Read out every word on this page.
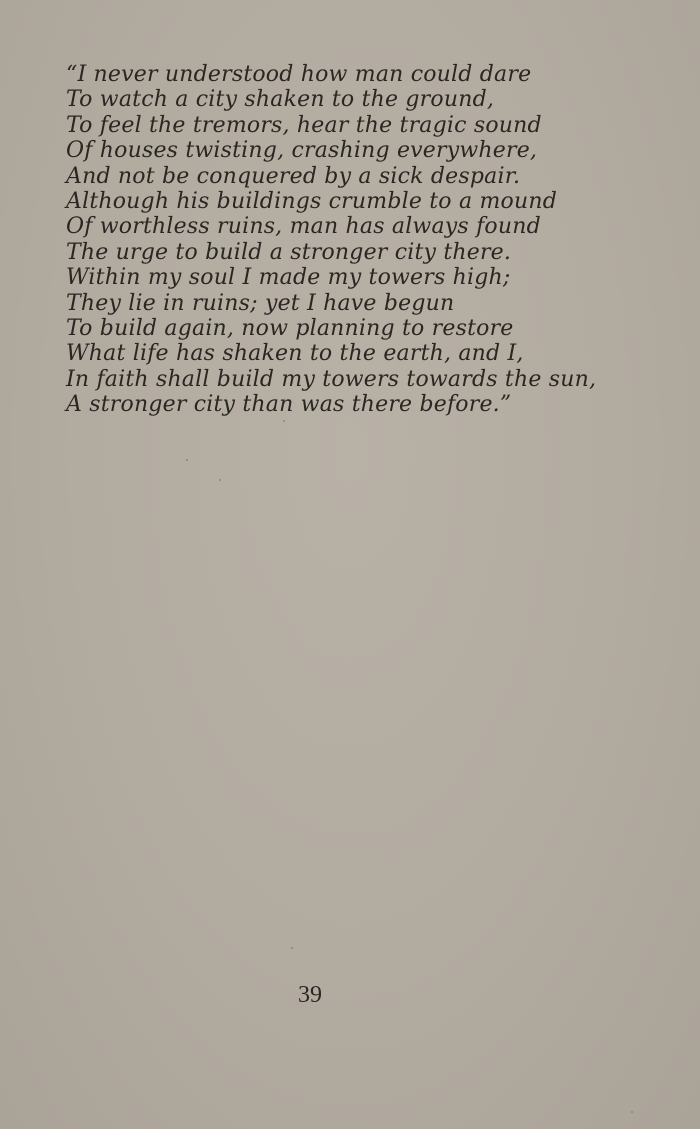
“I never understood how man could dare

To watch a city shaken to the ground,

To feel the tremors, hear the tragic sound

Of houses twisting, crashing everywhere,

And not be conquered by a sick despair.

Although his buildings crumble to a mound

Of worthless ruins, man has always found

The urge to build a stronger city there.

Within my soul I made my towers high;

They lie in ruins; yet I have begun

To build again, now planning to restore

What life has shaken to the earth, and I,

In faith shall build my towers towards the sun,

A stronger city than was there before.”

39
